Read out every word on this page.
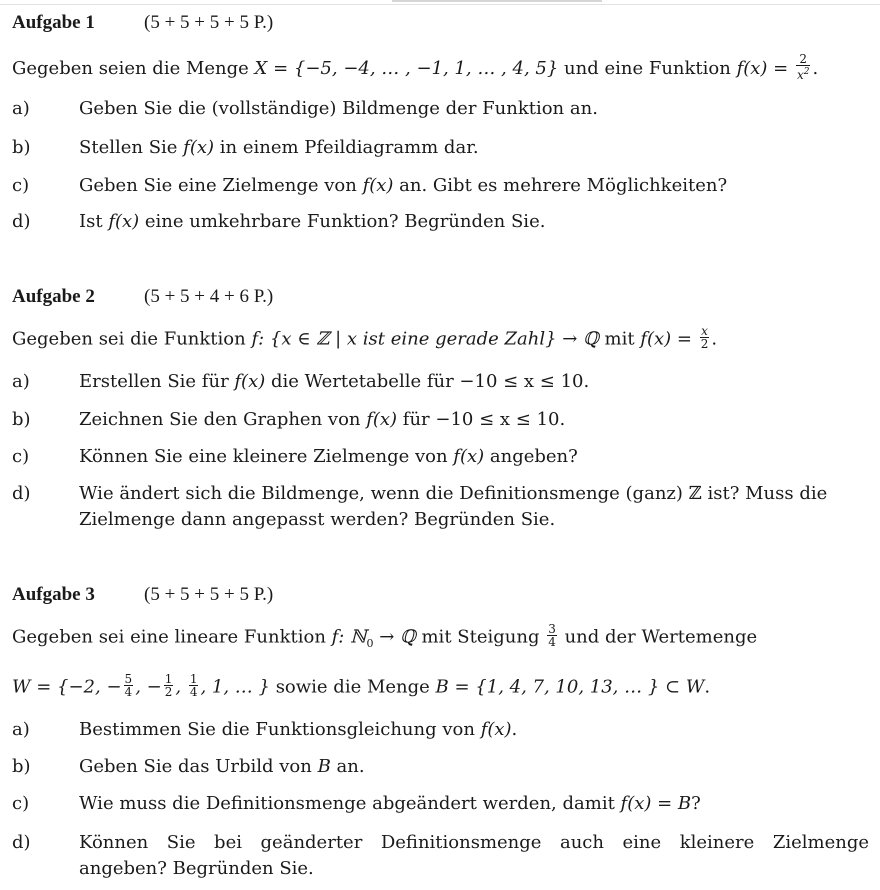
Aufgabe 1	(5 + 5 + 5 + 5 P.)
Gegeben seien die Menge X = {−5, −4, … , −1, 1, … , 4, 5} und eine Funktion $f(x) = \frac{2}{x^2}$ .
a)	Geben Sie die (vollständige) Bildmenge der Funktion an.
b)	Stellen Sie f(x) in einem Pfeildiagramm dar.
c)	Geben Sie eine Zielmenge von f(x) an. Gibt es mehrere Möglichkeiten?
d)	Ist f(x) eine umkehrbare Funktion? Begründen Sie.
Aufgabe 2	(5 + 5 + 4 + 6 P.)
Gegeben sei die Funktion f: {x ∈ ℤ | x ist eine gerade Zahl} → ℚ mit $f(x) = \frac{x}{2}$ .
a)	Erstellen Sie für f(x) die Wertetabelle für −10 ≤ x ≤ 10.
b)	Zeichnen Sie den Graphen von f(x) für −10 ≤ x ≤ 10.
c)	Können Sie eine kleinere Zielmenge von f(x) angeben?
d)	Wie ändert sich die Bildmenge, wenn die Definitionsmenge (ganz) ℤ ist? Muss die
Zielmenge dann angepasst werden? Begründen Sie.
Aufgabe 3	(5 + 5 + 5 + 5 P.)
Gegeben sei eine lineare Funktion f: ℕ$_0$ → ℚ mit Steigung $\frac{3}{4}$ und der Wertemenge
W = {−2, − $\frac{5}{4}$ , − $\frac{1}{2}$ , $\frac{1}{4}$ , 1, … } sowie die Menge B = {1, 4, 7, 10, 13, … } ⊂ W.
a)	Bestimmen Sie die Funktionsgleichung von f(x).
b)	Geben Sie das Urbild von B an.
c)	Wie muss die Definitionsmenge abgeändert werden, damit f(x) = B?
d)	Können Sie bei geänderter Definitionsmenge auch eine kleinere Zielmenge
angeben? Begründen Sie.
